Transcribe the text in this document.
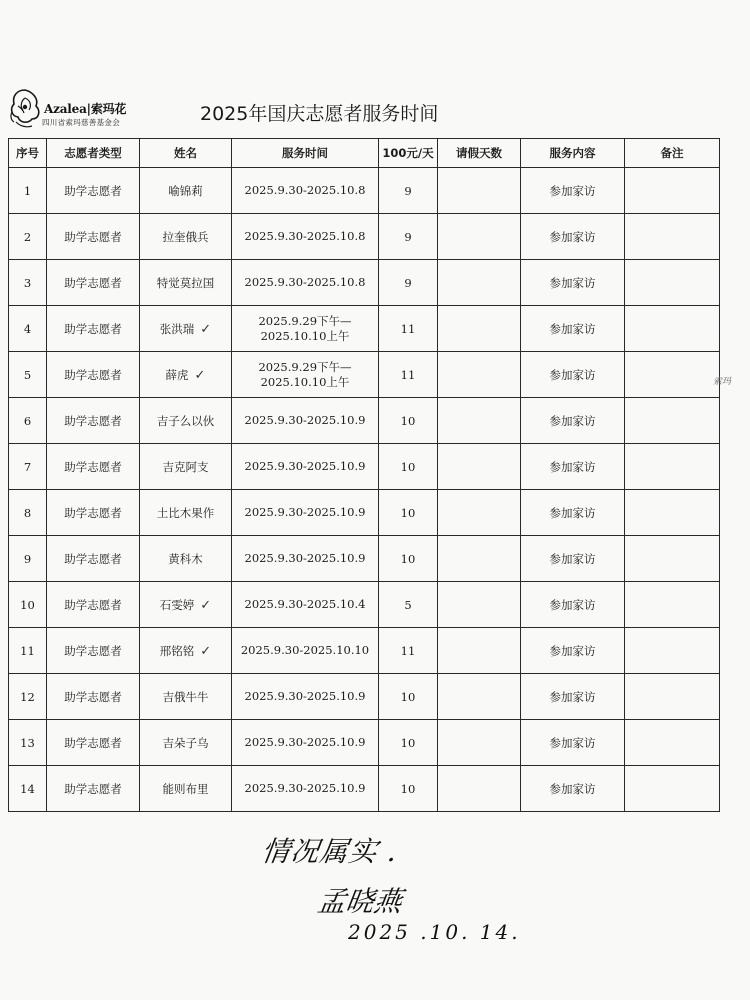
Azalea|索玛花
四川省索玛慈善基金会	2025年国庆志愿者服务时间
序号	志愿者类型	姓名	服务时间	100元/天	请假天数	服务内容	备注
1	助学志愿者	喻锦莉	2025.9.30-2025.10.8	9		参加家访	
2	助学志愿者	拉奎俄兵	2025.9.30-2025.10.8	9		参加家访	
3	助学志愿者	特觉莫拉国	2025.9.30-2025.10.8	9		参加家访	
4	助学志愿者	张洪瑞 ✓	2025.9.29下午—
2025.10.10上午	11		参加家访	
5	助学志愿者	薛虎 ✓	2025.9.29下午—
2025.10.10上午	11		参加家访	
6	助学志愿者	吉子么以伙	2025.9.30-2025.10.9	10		参加家访	
7	助学志愿者	吉克阿支	2025.9.30-2025.10.9	10		参加家访	
8	助学志愿者	土比木果作	2025.9.30-2025.10.9	10		参加家访	
9	助学志愿者	黄科木	2025.9.30-2025.10.9	10		参加家访	
10	助学志愿者	石雯婷 ✓	2025.9.30-2025.10.4	5		参加家访	
11	助学志愿者	邢铭铭 ✓	2025.9.30-2025.10.10	11		参加家访	
12	助学志愿者	吉俄牛牛	2025.9.30-2025.10.9	10		参加家访	
13	助学志愿者	吉朵子乌	2025.9.30-2025.10.9	10		参加家访	
14	助学志愿者	能则布里	2025.9.30-2025.10.9	10		参加家访	
索玛
情况属实 .
孟晓燕
2025 .10. 14.
